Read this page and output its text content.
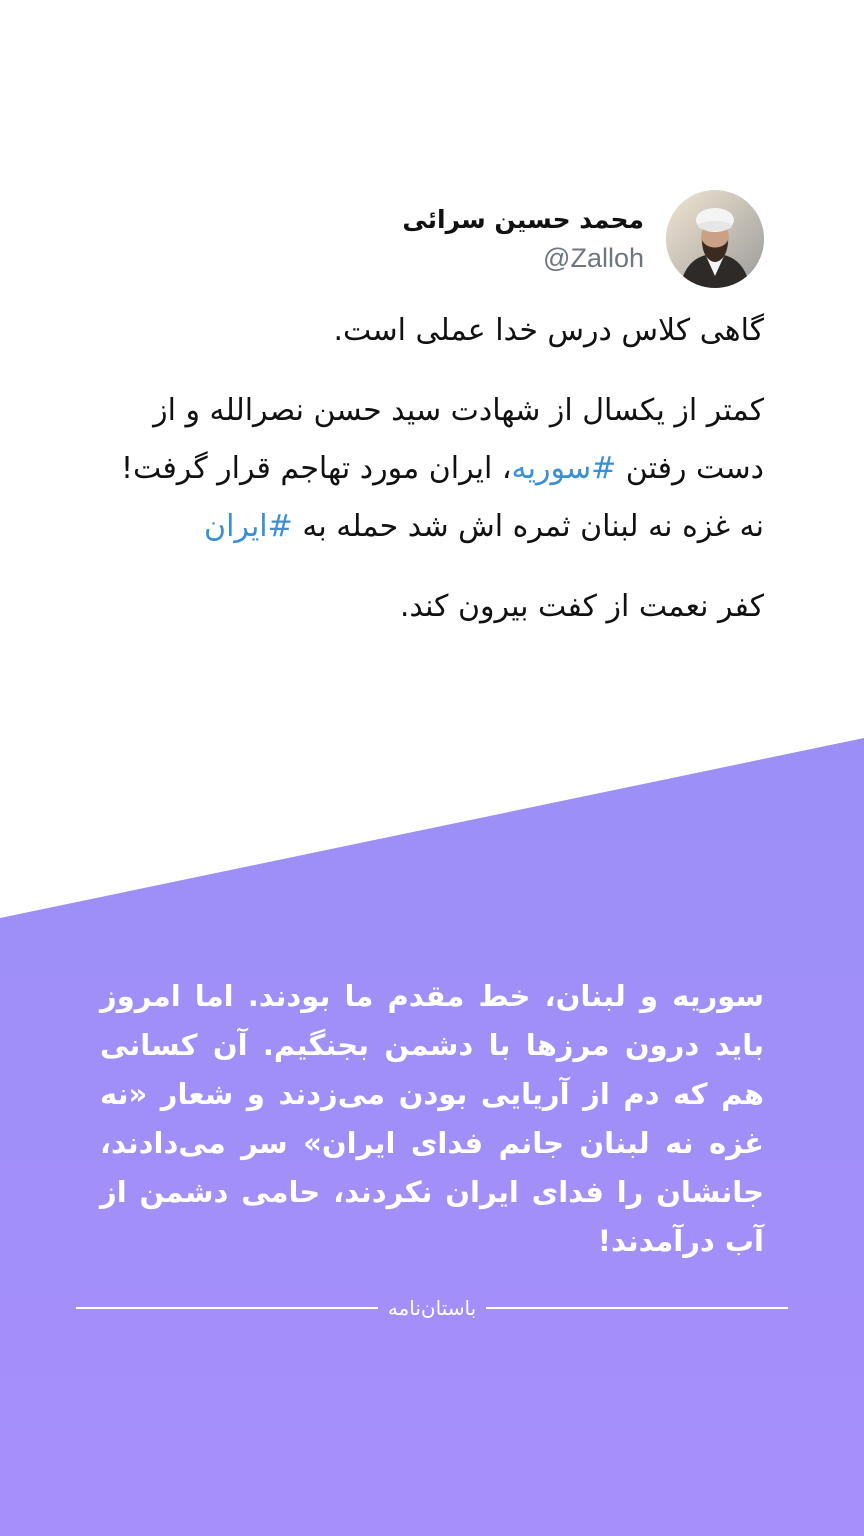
محمد حسین سرائی
@Zalloh

گاهی کلاس درس خدا عملی است.

کمتر از یکسال از شهادت سید حسن نصرالله و از دست رفتن #سوریه، ایران مورد تهاجم قرار گرفت!

نه غزه نه لبنان ثمره اش شد حمله به #ایران

کفر نعمت از کفت بیرون کند.

سوریه و لبنان، خط مقدم ما بودند. اما امروز باید درون مرزها با دشمن بجنگیم. آن کسانی هم که دم از آریایی بودن می‌زدند و شعار «نه غزه نه لبنان جانم فدای ایران» سر می‌دادند، جانشان را فدای ایران نکردند، حامی دشمن از آب درآمدند!
باستان‌نامه
